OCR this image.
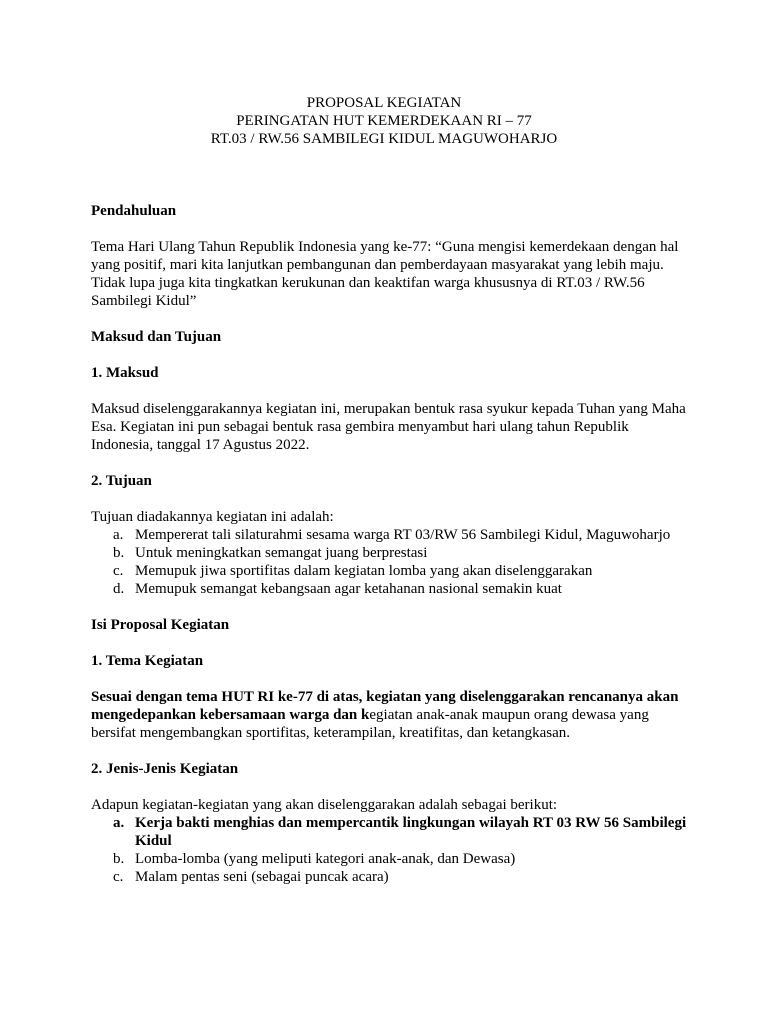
PROPOSAL KEGIATAN
PERINGATAN HUT KEMERDEKAAN RI – 77
RT.03 / RW.56 SAMBILEGI KIDUL MAGUWOHARJO

Pendahuluan

Tema Hari Ulang Tahun Republik Indonesia yang ke-77: “Guna mengisi kemerdekaan dengan hal yang positif, mari kita lanjutkan pembangunan dan pemberdayaan masyarakat yang lebih maju. Tidak lupa juga kita tingkatkan kerukunan dan keaktifan warga khususnya di RT.03 / RW.56 Sambilegi Kidul”

Maksud dan Tujuan

1. Maksud

Maksud diselenggarakannya kegiatan ini, merupakan bentuk rasa syukur kepada Tuhan yang Maha Esa. Kegiatan ini pun sebagai bentuk rasa gembira menyambut hari ulang tahun Republik Indonesia, tanggal 17 Agustus 2022.

2. Tujuan

Tujuan diadakannya kegiatan ini adalah:

a. Mempererat tali silaturahmi sesama warga RT 03/RW 56 Sambilegi Kidul, Maguwoharjo
b. Untuk meningkatkan semangat juang berprestasi
c. Memupuk jiwa sportifitas dalam kegiatan lomba yang akan diselenggarakan
d. Memupuk semangat kebangsaan agar ketahanan nasional semakin kuat

Isi Proposal Kegiatan

1. Tema Kegiatan

Sesuai dengan tema HUT RI ke-77 di atas, kegiatan yang diselenggarakan rencananya akan mengedepankan kebersamaan warga dan kegiatan anak-anak maupun orang dewasa yang bersifat mengembangkan sportifitas, keterampilan, kreatifitas, dan ketangkasan.

2. Jenis-Jenis Kegiatan

Adapun kegiatan-kegiatan yang akan diselenggarakan adalah sebagai berikut:

a. Kerja bakti menghias dan mempercantik lingkungan wilayah RT 03 RW 56 Sambilegi Kidul
b. Lomba-lomba (yang meliputi kategori anak-anak, dan Dewasa)
c. Malam pentas seni (sebagai puncak acara)
